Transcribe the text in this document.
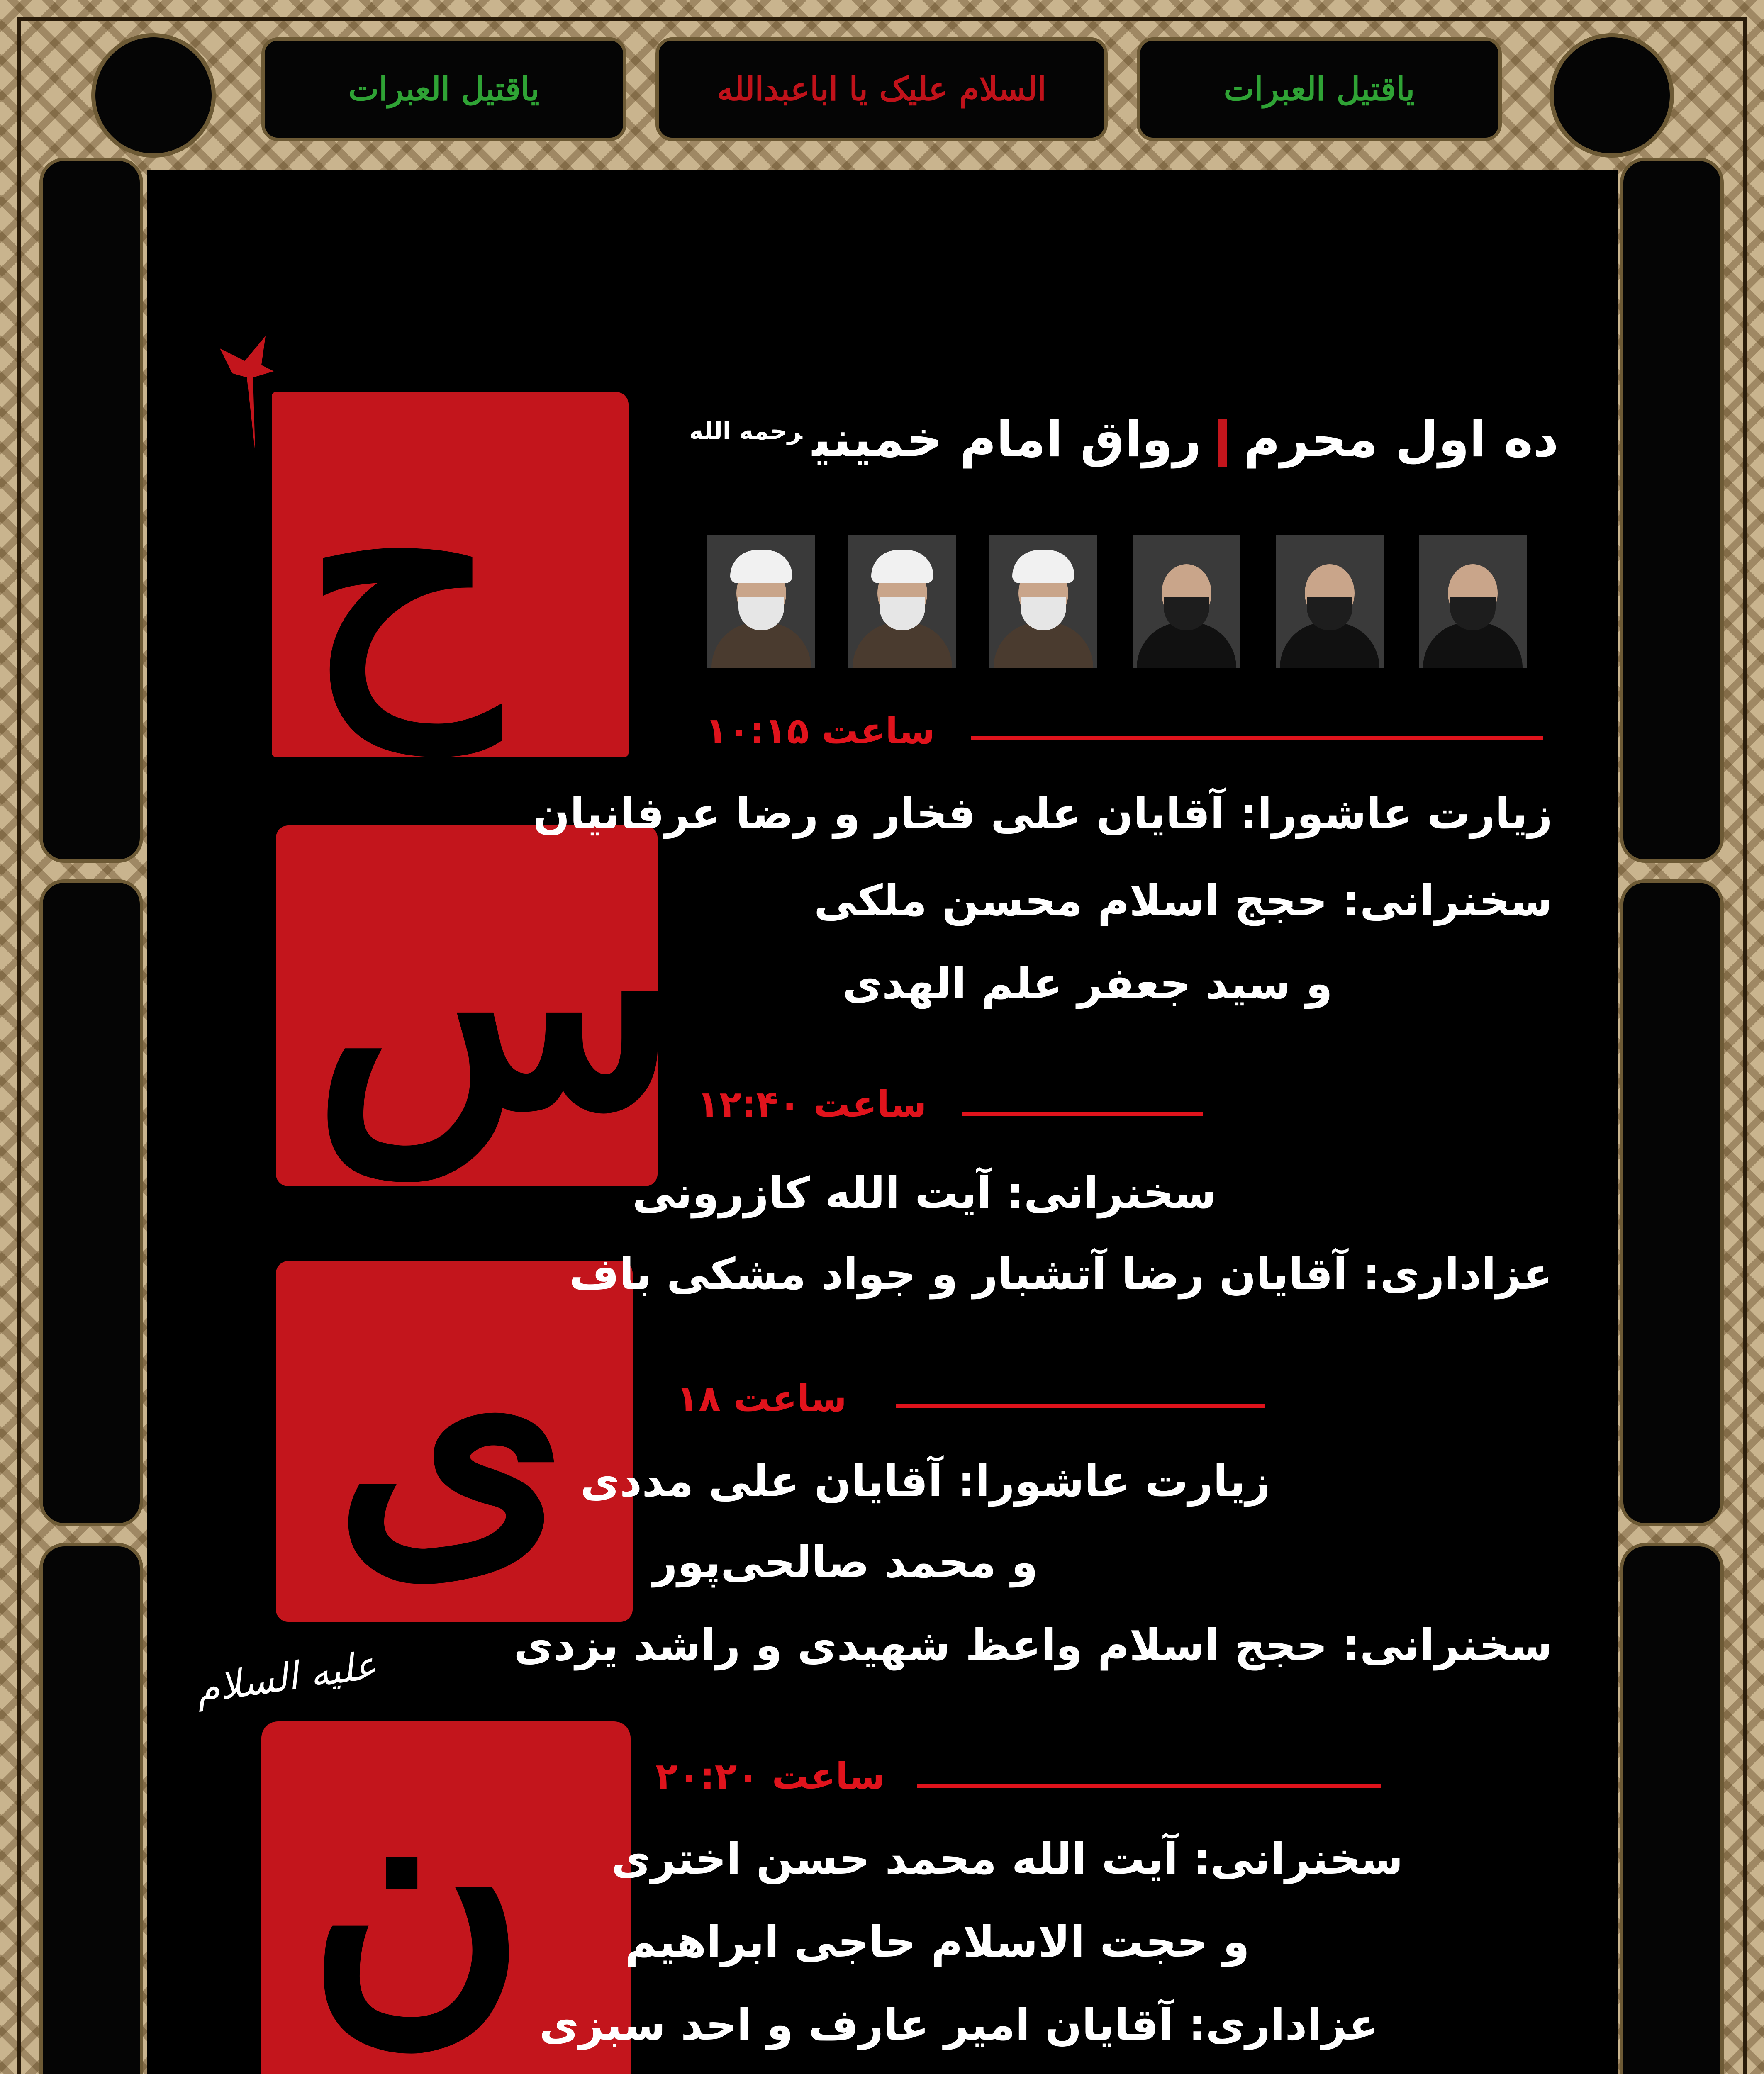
یاقتیل العبرات	السلام علیک یا اباعبدالله	یاقتیل العبرات
ح
س
ی
ن
علیه السلام
ده اول محرمرواق امام خمینی$^{رحمه الله}$
ساعت ۱۰:۱۵
زیارت عاشورا: آقایان علی فخار و رضا عرفانیان
سخنرانی: حجج اسلام محسن ملکی
و سید جعفر علم الهدی
ساعت ۱۲:۴۰
سخنرانی: آیت الله کازرونی
عزاداری: آقایان رضا آتشبار و جواد مشکی باف
ساعت ۱۸
زیارت عاشورا: آقایان علی مددی
و محمد صالحی‌پور
سخنرانی: حجج اسلام واعظ شهیدی و راشد یزدی
ساعت ۲۰:۲۰
سخنرانی: آیت الله محمد حسن اختری
و حجت الاسلام حاجی ابراهیم
عزاداری: آقایان امیر عارف و احد سبزی
